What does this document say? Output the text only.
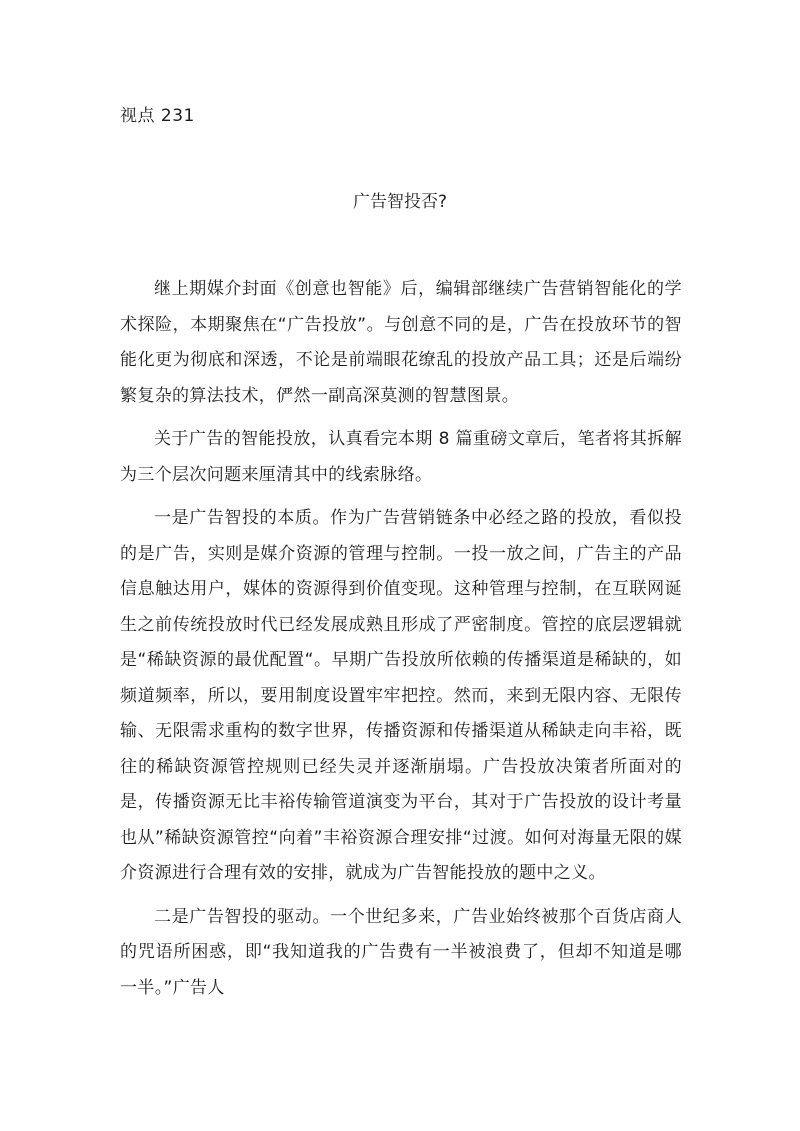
视点 231
广告智投否?

继上期媒介封面《创意也智能》后，编辑部继续广告营销智能化的学术探险，本期聚焦在“广告投放”。与创意不同的是，广告在投放环节的智能化更为彻底和深透，不论是前端眼花缭乱的投放产品工具；还是后端纷繁复杂的算法技术，俨然一副高深莫测的智慧图景。

关于广告的智能投放，认真看完本期 8 篇重磅文章后，笔者将其拆解为三个层次问题来厘清其中的线索脉络。

一是广告智投的本质。作为广告营销链条中必经之路的投放，看似投的是广告，实则是媒介资源的管理与控制。一投一放之间，广告主的产品信息触达用户，媒体的资源得到价值变现。这种管理与控制，在互联网诞生之前传统投放时代已经发展成熟且形成了严密制度。管控的底层逻辑就是“稀缺资源的最优配置“。早期广告投放所依赖的传播渠道是稀缺的，如频道频率，所以，要用制度设置牢牢把控。然而，来到无限内容、无限传输、无限需求重构的数字世界，传播资源和传播渠道从稀缺走向丰裕，既往的稀缺资源管控规则已经失灵并逐渐崩塌。广告投放决策者所面对的是，传播资源无比丰裕传输管道演变为平台，其对于广告投放的设计考量也从”稀缺资源管控“向着”丰裕资源合理安排“过渡。如何对海量无限的媒介资源进行合理有效的安排，就成为广告智能投放的题中之义。

二是广告智投的驱动。一个世纪多来，广告业始终被那个百货店商人的咒语所困惑，即“我知道我的广告费有一半被浪费了，但却不知道是哪一半。”广告人
